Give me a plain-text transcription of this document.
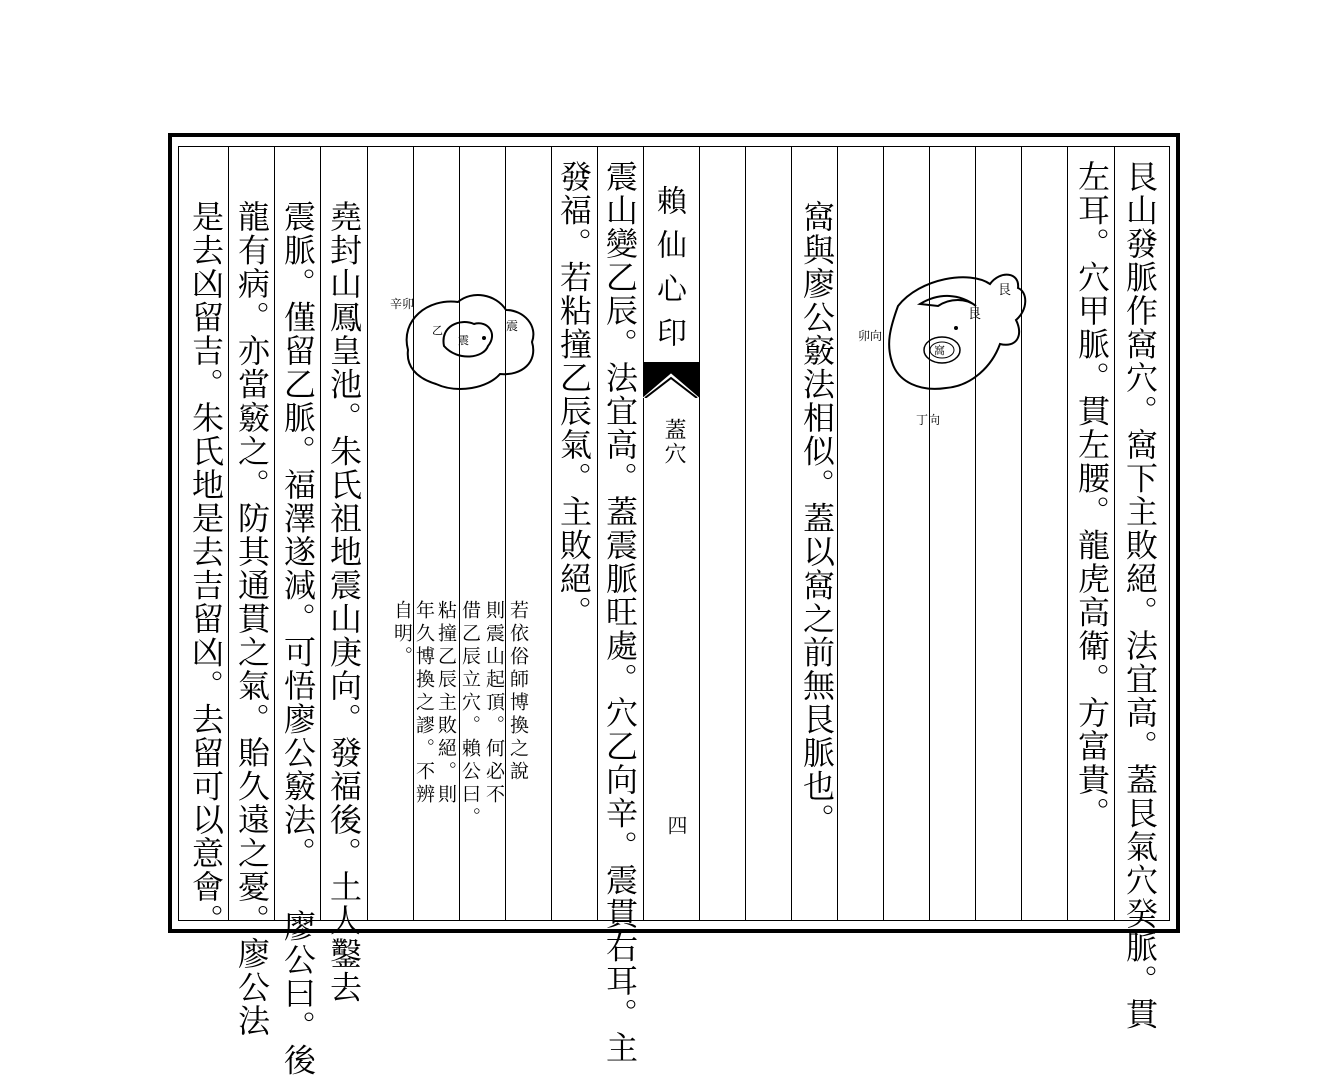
賴仙心印
蓋穴
四	艮山發脈作窩穴。窩下主敗絕。法宜高。蓋艮氣穴癸脈。貫
左耳。穴甲脈。貫左腰。龍虎高衛。方富貴。
窩與廖公竅法相似。蓋以窩之前無艮脈也。	艮
艮
窩
卯向
丁向
震山變乙辰。法宜高。蓋震脈旺處。穴乙向辛。震貫右耳。主
發福。若粘撞乙辰氣。主敗絕。
堯封山鳳皇池。朱氏祖地震山庚向。發福後。土人鑿去
震脈。僅留乙脈。福澤遂減。可悟廖公竅法。 廖公曰。後
龍有病。亦當竅之。防其通貫之氣。貽久遠之憂。廖公法
是去凶留吉。朱氏地是去吉留凶。去留可以意會。	若依俗師博換之說
則震山起頂。何必不
借乙辰立穴。賴公曰。
粘撞乙辰主敗絕。則
年久博換之謬。不辨
自明。
震
震
乙
辛卯
